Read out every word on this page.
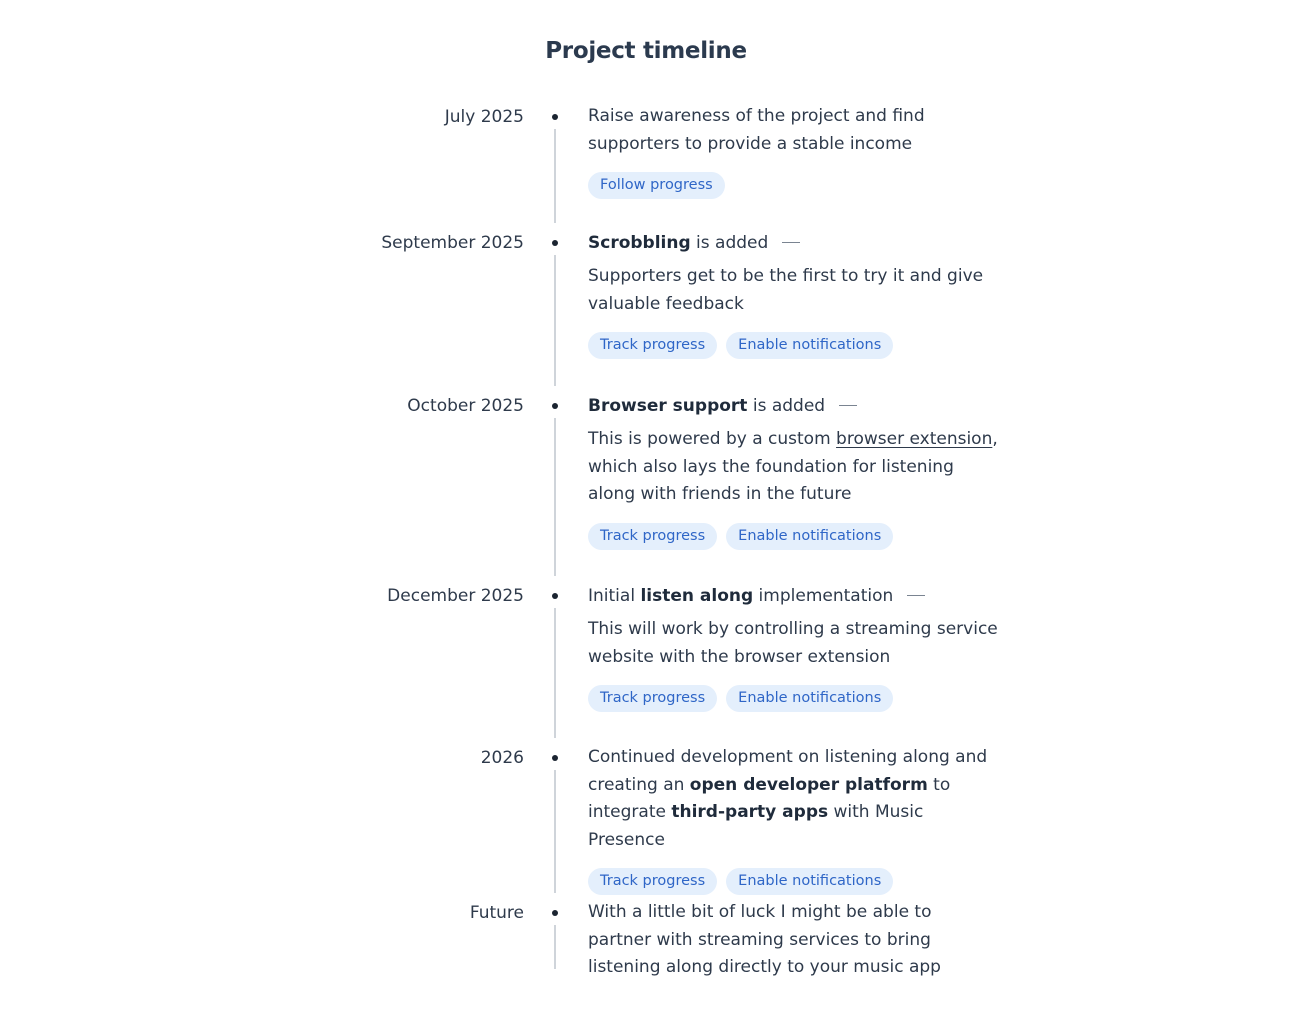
Project timeline
July 2025	Raise awareness of the project and find supporters to provide a stable income
Follow progress
September 2025	Scrobbling is added
Supporters get to be the first to try it and give valuable feedback
Track progress	Enable notifications
October 2025	Browser support is added
This is powered by a custom browser extension, which also lays the foundation for listening along with friends in the future
Track progress	Enable notifications
December 2025	Initial listen along implementation
This will work by controlling a streaming service website with the browser extension
Track progress	Enable notifications
2026	Continued development on listening along and creating an open developer platform to integrate third-party apps with Music Presence
Track progress	Enable notifications
Future	With a little bit of luck I might be able to partner with streaming services to bring listening along directly to your music app
